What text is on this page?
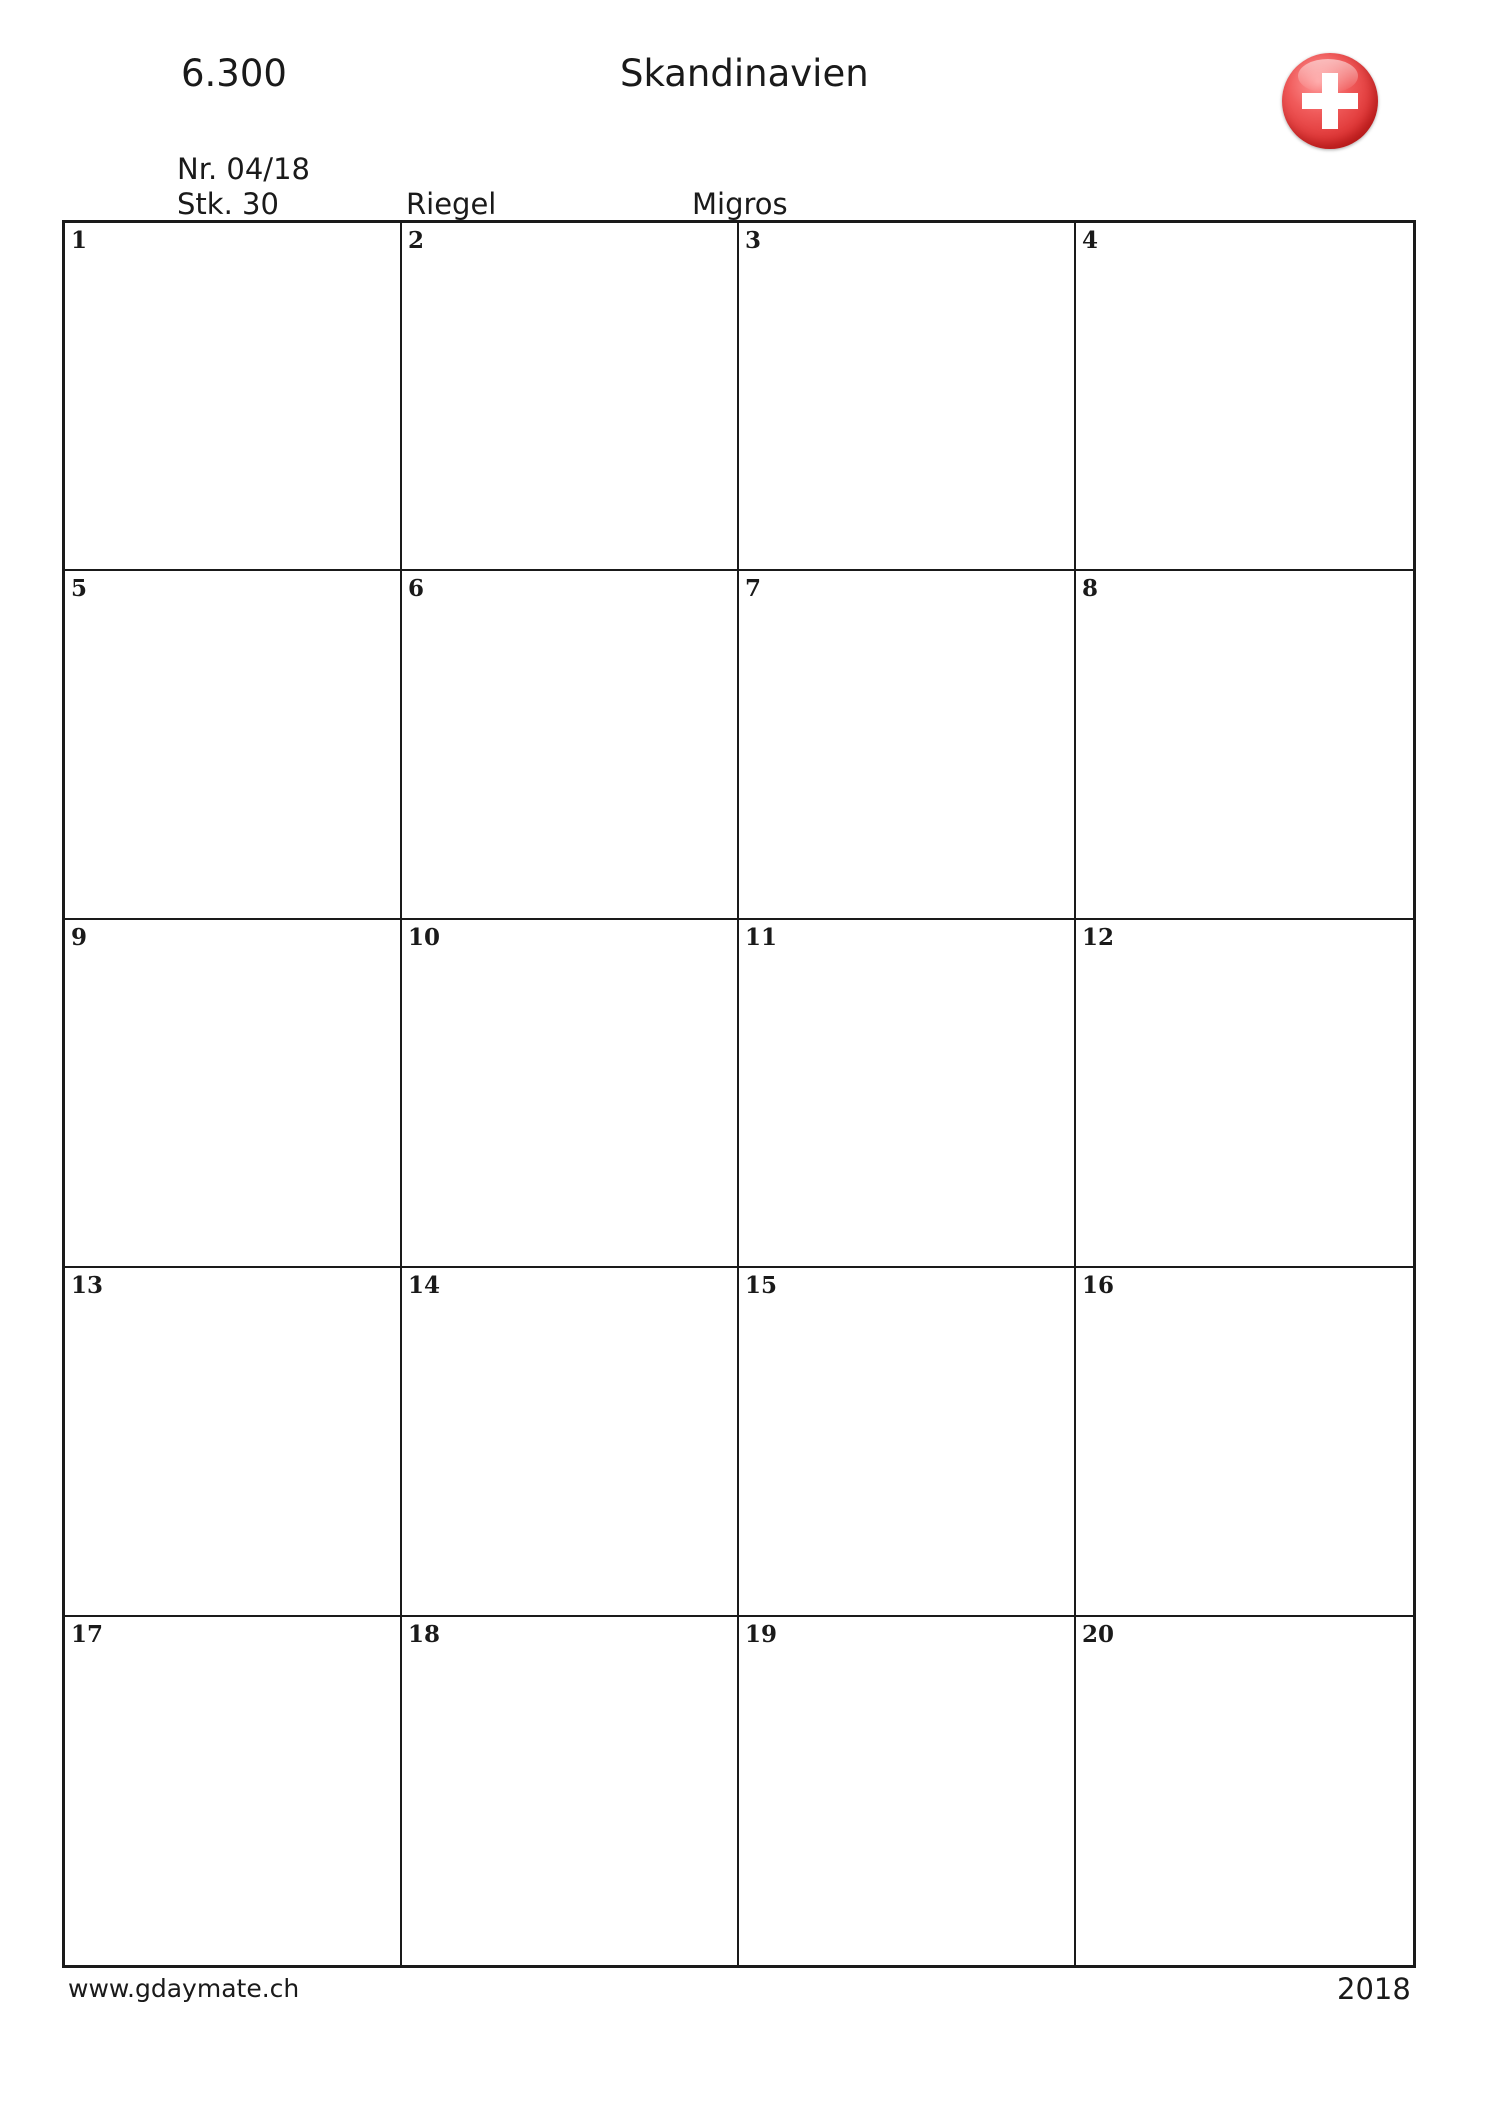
6.300	Skandinavien
Nr. 04/18
Stk. 30	Riegel	Migros
1	2	3	4
5	6	7	8
9	10	11	12
13	14	15	16
17	18	19	20
www.gdaymate.ch	2018
